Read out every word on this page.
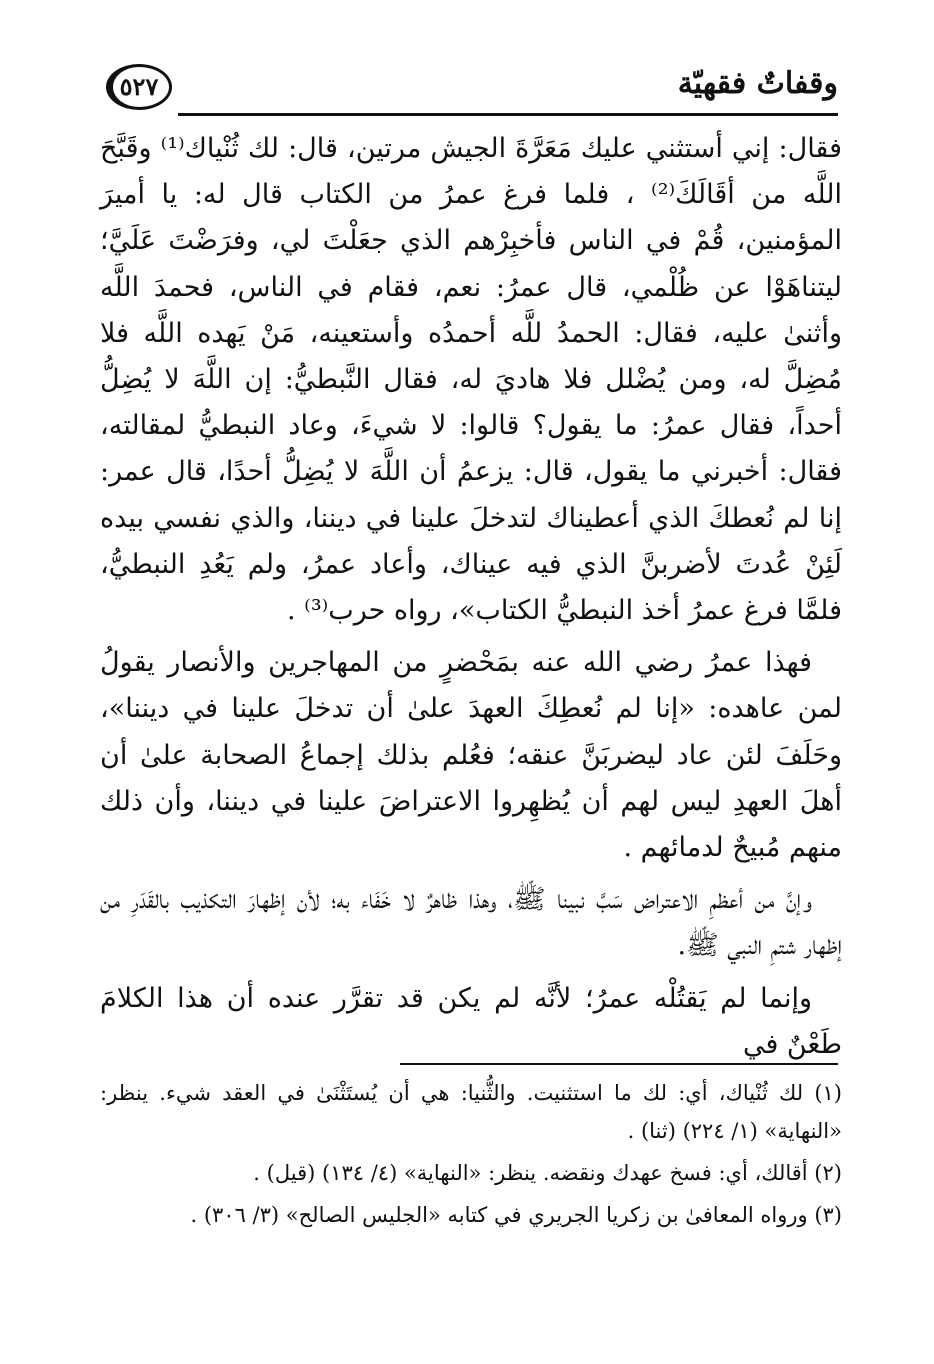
وقفاتٌ فقهيّة
٥٢٧

فقال: إني أستثني عليك مَعَرَّةَ الجيش مرتين، قال: لك ثُنْياك⁽¹⁾ وقَبَّحَ اللَّه من أقَالَكَ⁽²⁾ ، فلما فرغ عمرُ من الكتاب قال له: يا أميرَ المؤمنين، قُمْ في الناس فأخبِرْهم الذي جعَلْتَ لي، وفرَضْتَ عَلَيَّ؛ ليتناهَوْا عن ظُلْمي، قال عمرُ: نعم، فقام في الناس، فحمدَ اللَّه وأثنىٰ عليه، فقال: الحمدُ للَّه أحمدُه وأستعينه، مَنْ يَهده اللَّه فلا مُضِلَّ له، ومن يُضْلل فلا هاديَ له، فقال النَّبطيُّ: إن اللَّهَ لا يُضِلُّ أحداً، فقال عمرُ: ما يقول؟ قالوا: لا شيءَ، وعاد النبطيُّ لمقالته، فقال: أخبرني ما يقول، قال: يزعمُ أن اللَّهَ لا يُضِلُّ أحدًا، قال عمر: إنا لم نُعطكَ الذي أعطيناك لتدخلَ علينا في ديننا، والذي نفسي بيده لَئِنْ عُدتَ لأضربنَّ الذي فيه عيناك، وأعاد عمرُ، ولم يَعُدِ النبطيُّ، فلمَّا فرغ عمرُ أخذ النبطيُّ الكتاب»، رواه حرب⁽³⁾ .

فهذا عمرُ رضي الله عنه بمَحْضرٍ من المهاجرين والأنصار يقولُ لمن عاهده: «إنا لم نُعطِكَ العهدَ علىٰ أن تدخلَ علينا في ديننا»، وحَلَفَ لئن عاد ليضربَنَّ عنقه؛ فعُلم بذلك إجماعُ الصحابة علىٰ أن أهلَ العهدِ ليس لهم أن يُظهِروا الاعتراضَ علينا في ديننا، وأن ذلك منهم مُبيحٌ لدمائهم .

وإنَّ من أعظمِ الاعتراض سَبَّ نبينا ﷺ، وهذا ظاهرٌ لا خَفَاء به؛ لأن إظهارَ التكذيب بالقَدَرِ من إظهار شتمِ النبي ﷺ.

وإنما لم يَقتُلْه عمرُ؛ لأنَّه لم يكن قد تقرَّر عنده أن هذا الكلامَ طَعْنٌ في

(١) لك ثُنْياك، أي: لك ما استثنيت. والثُّنيا: هي أن يُستَثْنَىٰ في العقد شيء. ينظر: «النهاية» (١/ ٢٢٤) (ثنا) .

(٢) أقالك، أي: فسخ عهدك ونقضه. ينظر: «النهاية» (٤/ ١٣٤) (قيل) .

(٣) ورواه المعافىٰ بن زكريا الجريري في كتابه «الجليس الصالح» (٣/ ٣٠٦) .
